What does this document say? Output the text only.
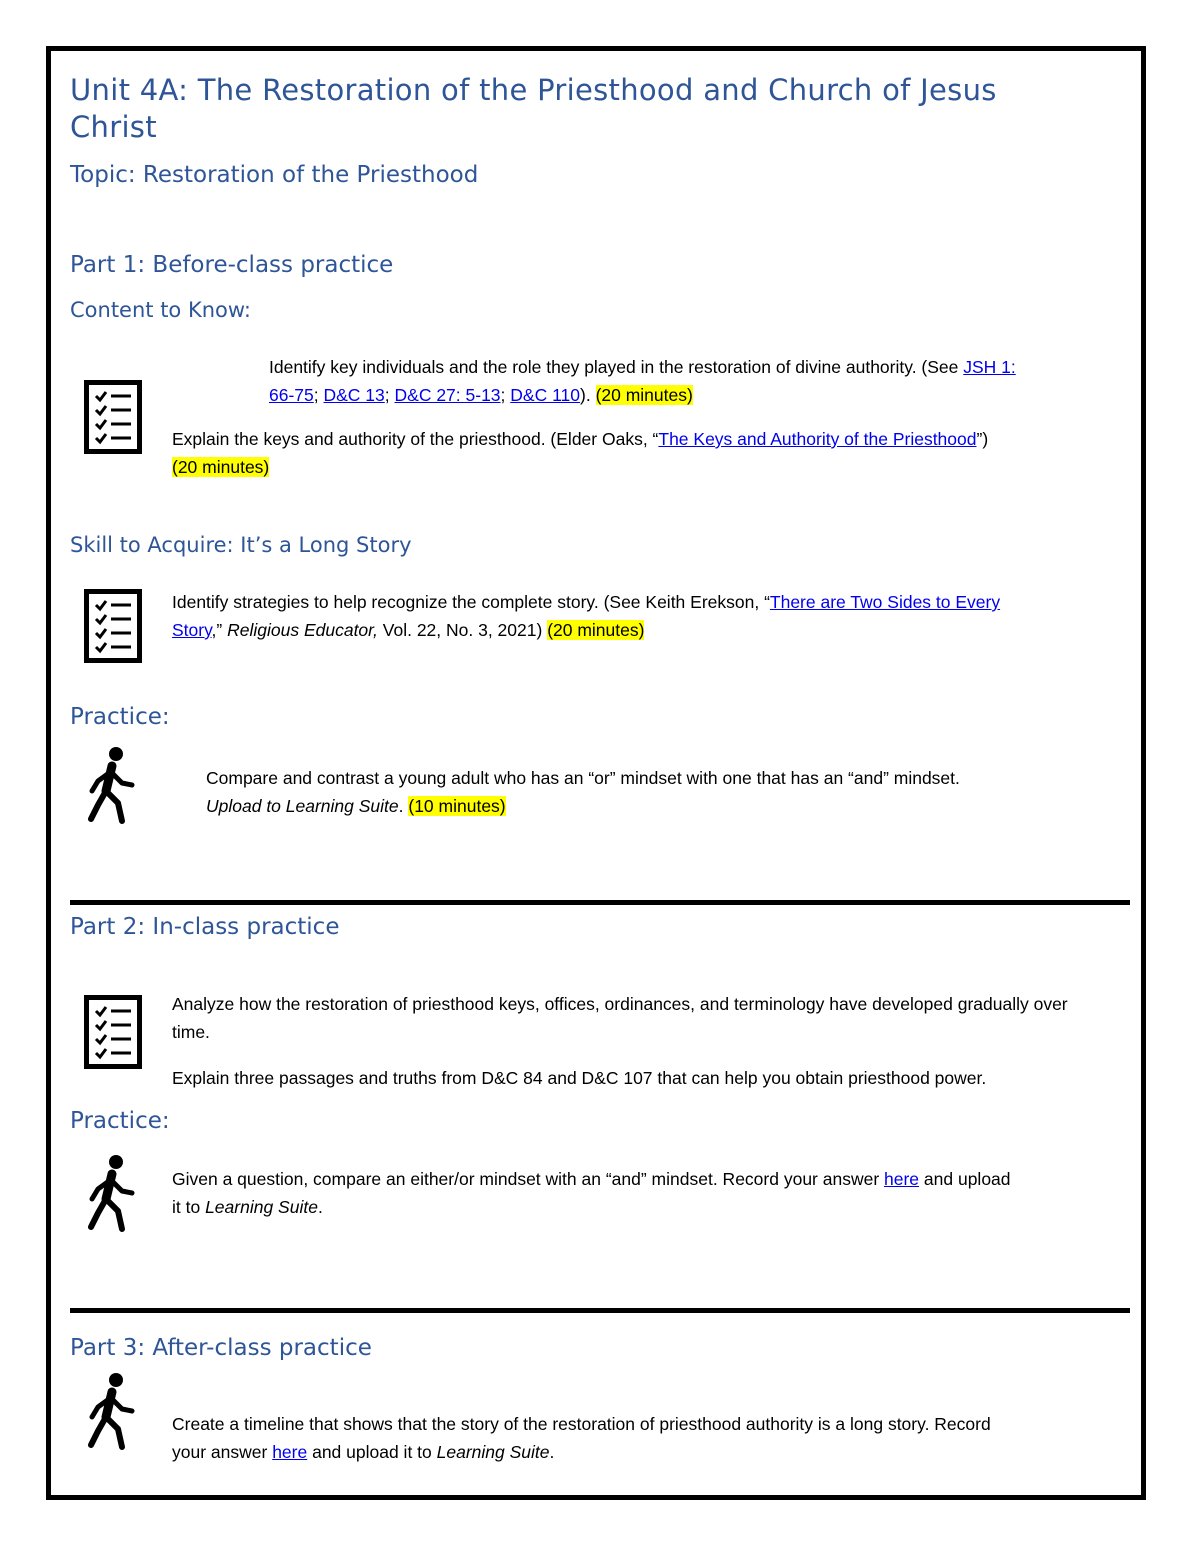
Unit 4A: The Restoration of the Priesthood and Church of Jesus Christ
Topic: Restoration of the Priesthood
Part 1: Before-class practice
Content to Know:
Identify key individuals and the role they played in the restoration of divine authority. (See JSH 1:
66-75; D&C 13; D&C 27: 5-13; D&C 110). (20 minutes)
Explain the keys and authority of the priesthood. (Elder Oaks, “The Keys and Authority of the Priesthood”)
(20 minutes)
Skill to Acquire: It’s a Long Story
Identify strategies to help recognize the complete story. (See Keith Erekson, “There are Two Sides to Every
Story,” Religious Educator, Vol. 22, No. 3, 2021) (20 minutes)
Practice:
Compare and contrast a young adult who has an “or” mindset with one that has an “and” mindset.
Upload to Learning Suite. (10 minutes)
Part 2: In-class practice
Analyze how the restoration of priesthood keys, offices, ordinances, and terminology have developed gradually over time.
Explain three passages and truths from D&C 84 and D&C 107 that can help you obtain priesthood power.
Practice:
Given a question, compare an either/or mindset with an “and” mindset. Record your answer here and upload
it to Learning Suite.
Part 3: After-class practice
Create a timeline that shows that the story of the restoration of priesthood authority is a long story. Record
your answer here and upload it to Learning Suite.
